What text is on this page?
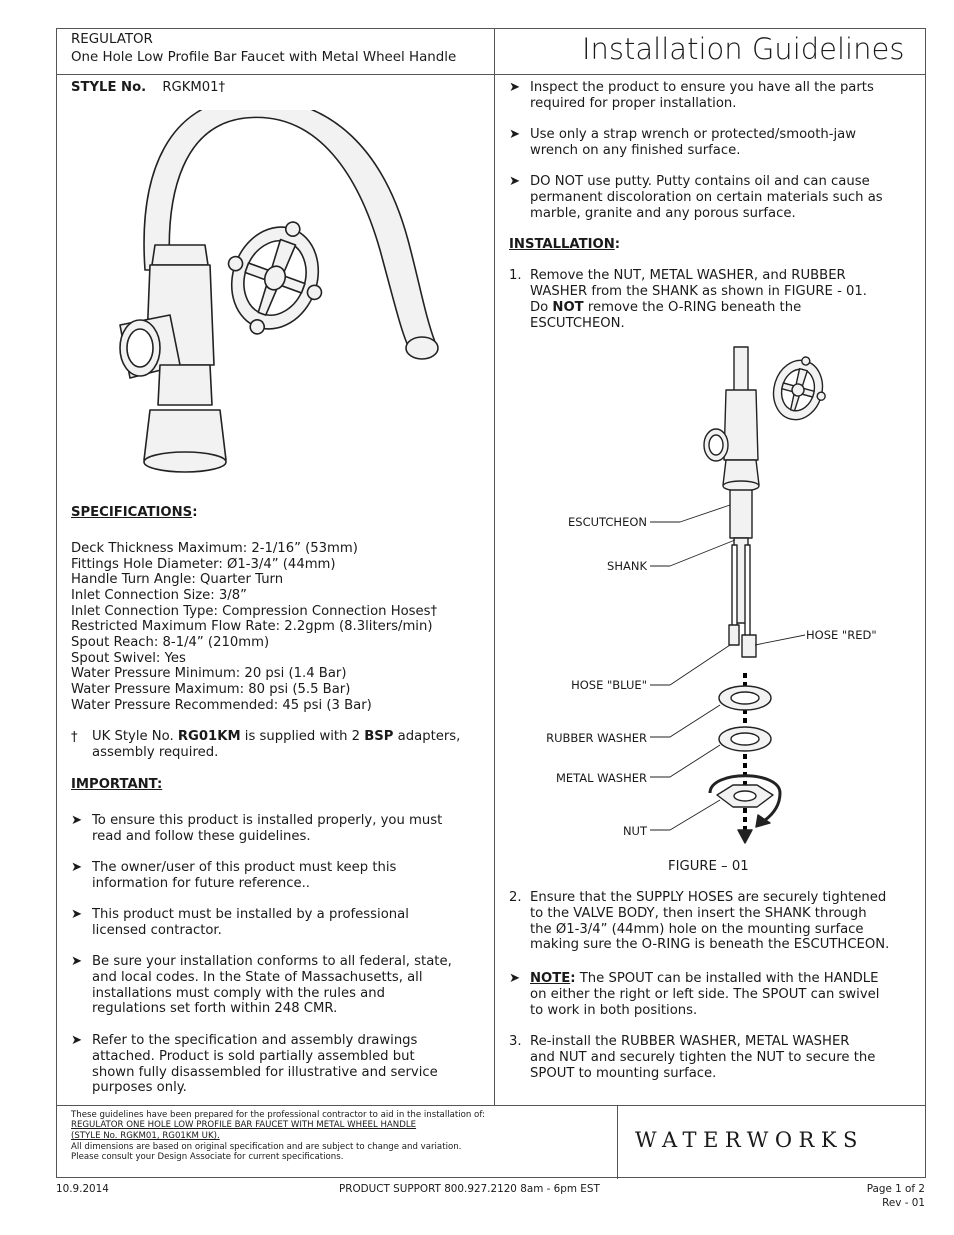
REGULATOR
One Hole Low Profile Bar Faucet with Metal Wheel Handle	Installation Guidelines
STYLE No. RGKM01†
SPECIFICATIONS:
† UK Style No. RG01KM is supplied with 2 BSP adapters,
assembly required.
IMPORTANT:
INSTALLATION:
1. Remove the NUT, METAL WASHER, and RUBBER
WASHER from the SHANK as shown in FIGURE - 01.
Do NOT remove the O-RING beneath the
ESCUTCHEON.
ESCUTCHEON
SHANK
HOSE "RED"
HOSE "BLUE"
RUBBER WASHER
METAL WASHER
NUT
FIGURE – 01
2.
➤ NOTE: The SPOUT can be installed with the HANDLE
on either the right or left side. The SPOUT can swivel
to work in both positions.
3.
These guidelines have been prepared for the professional contractor to aid in the installation of:
REGULATOR ONE HOLE LOW PROFILE BAR FAUCET WITH METAL WHEEL HANDLE
(STYLE No. RGKM01, RG01KM UK).
All dimensions are based on original specification and are subject to change and variation.
Please consult your Design Associate for current specifications.
WATERWORKS
10.9.2014	PRODUCT SUPPORT 800.927.2120 8am - 6pm EST	Page 1 of 2
Rev - 01
Deck Thickness Maximum: 2-1/16” (53mm)
Fittings Hole Diameter: Ø1-3/4” (44mm)
Handle Turn Angle: Quarter Turn
Inlet Connection Size: 3/8”
Inlet Connection Type: Compression Connection Hoses†
Restricted Maximum Flow Rate: 2.2gpm (8.3liters/min)
Spout Reach: 8-1/4” (210mm)
Spout Swivel: Yes
Water Pressure Minimum: 20 psi (1.4 Bar)
Water Pressure Maximum: 80 psi (5.5 Bar)
Water Pressure Recommended: 45 psi (3 Bar)
➤ To ensure this product is installed properly, you must
read and follow these guidelines.
➤ The owner/user of this product must keep this
information for future reference..
➤ This product must be installed by a professional
licensed contractor.
➤ Be sure your installation conforms to all federal, state,
and local codes. In the State of Massachusetts, all
installations must comply with the rules and
regulations set forth within 248 CMR.
➤ Refer to the specification and assembly drawings
attached. Product is sold partially assembled but
shown fully disassembled for illustrative and service
purposes only.
➤ Inspect the product to ensure you have all the parts
required for proper installation.
➤ Use only a strap wrench or protected/smooth-jaw
wrench on any finished surface.
➤ DO NOT use putty. Putty contains oil and can cause
permanent discoloration on certain materials such as
marble, granite and any porous surface.
Ensure that the SUPPLY HOSES are securely tightened
to the VALVE BODY, then insert the SHANK through
the Ø1-3/4” (44mm) hole on the mounting surface
making sure the O-RING is beneath the ESCUTHCEON.
Re-install the RUBBER WASHER, METAL WASHER
and NUT and securely tighten the NUT to secure the
SPOUT to mounting surface.
